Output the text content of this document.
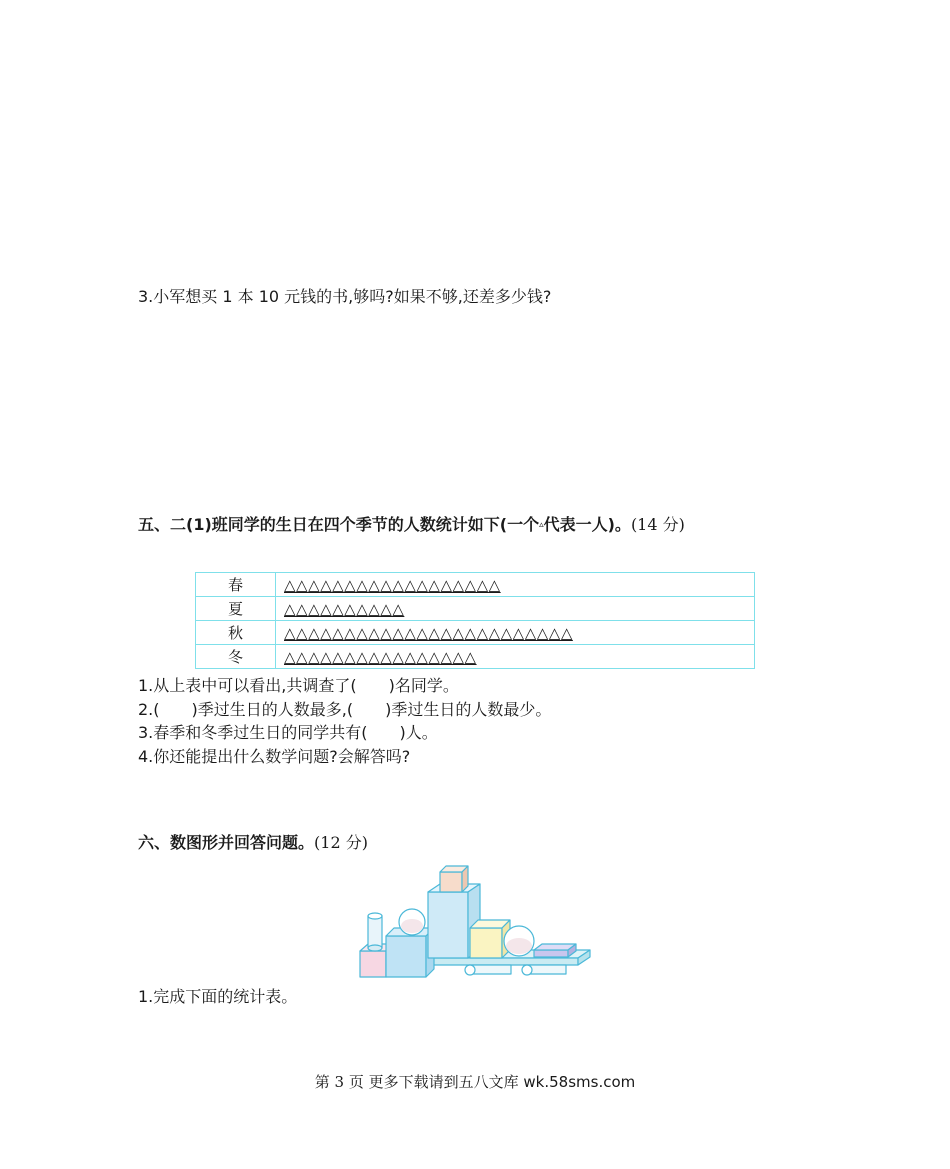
3.小军想买 1 本 10 元钱的书,够吗?如果不够,还差多少钱?
五、二(1)班同学的生日在四个季节的人数统计如下(一个▵代表一人)。(14 分)
春	△△△△△△△△△△△△△△△△△△
夏	△△△△△△△△△△
秋	△△△△△△△△△△△△△△△△△△△△△△△△
冬	△△△△△△△△△△△△△△△△
1.从上表中可以看出,共调查了(　　)名同学。
2.(　　)季过生日的人数最多,(　　)季过生日的人数最少。
3.春季和冬季过生日的同学共有(　　)人。
4.你还能提出什么数学问题?会解答吗?
六、数图形并回答问题。(12 分)
1.完成下面的统计表。
第 3 页 更多下载请到五八文库 wk.58sms.com
